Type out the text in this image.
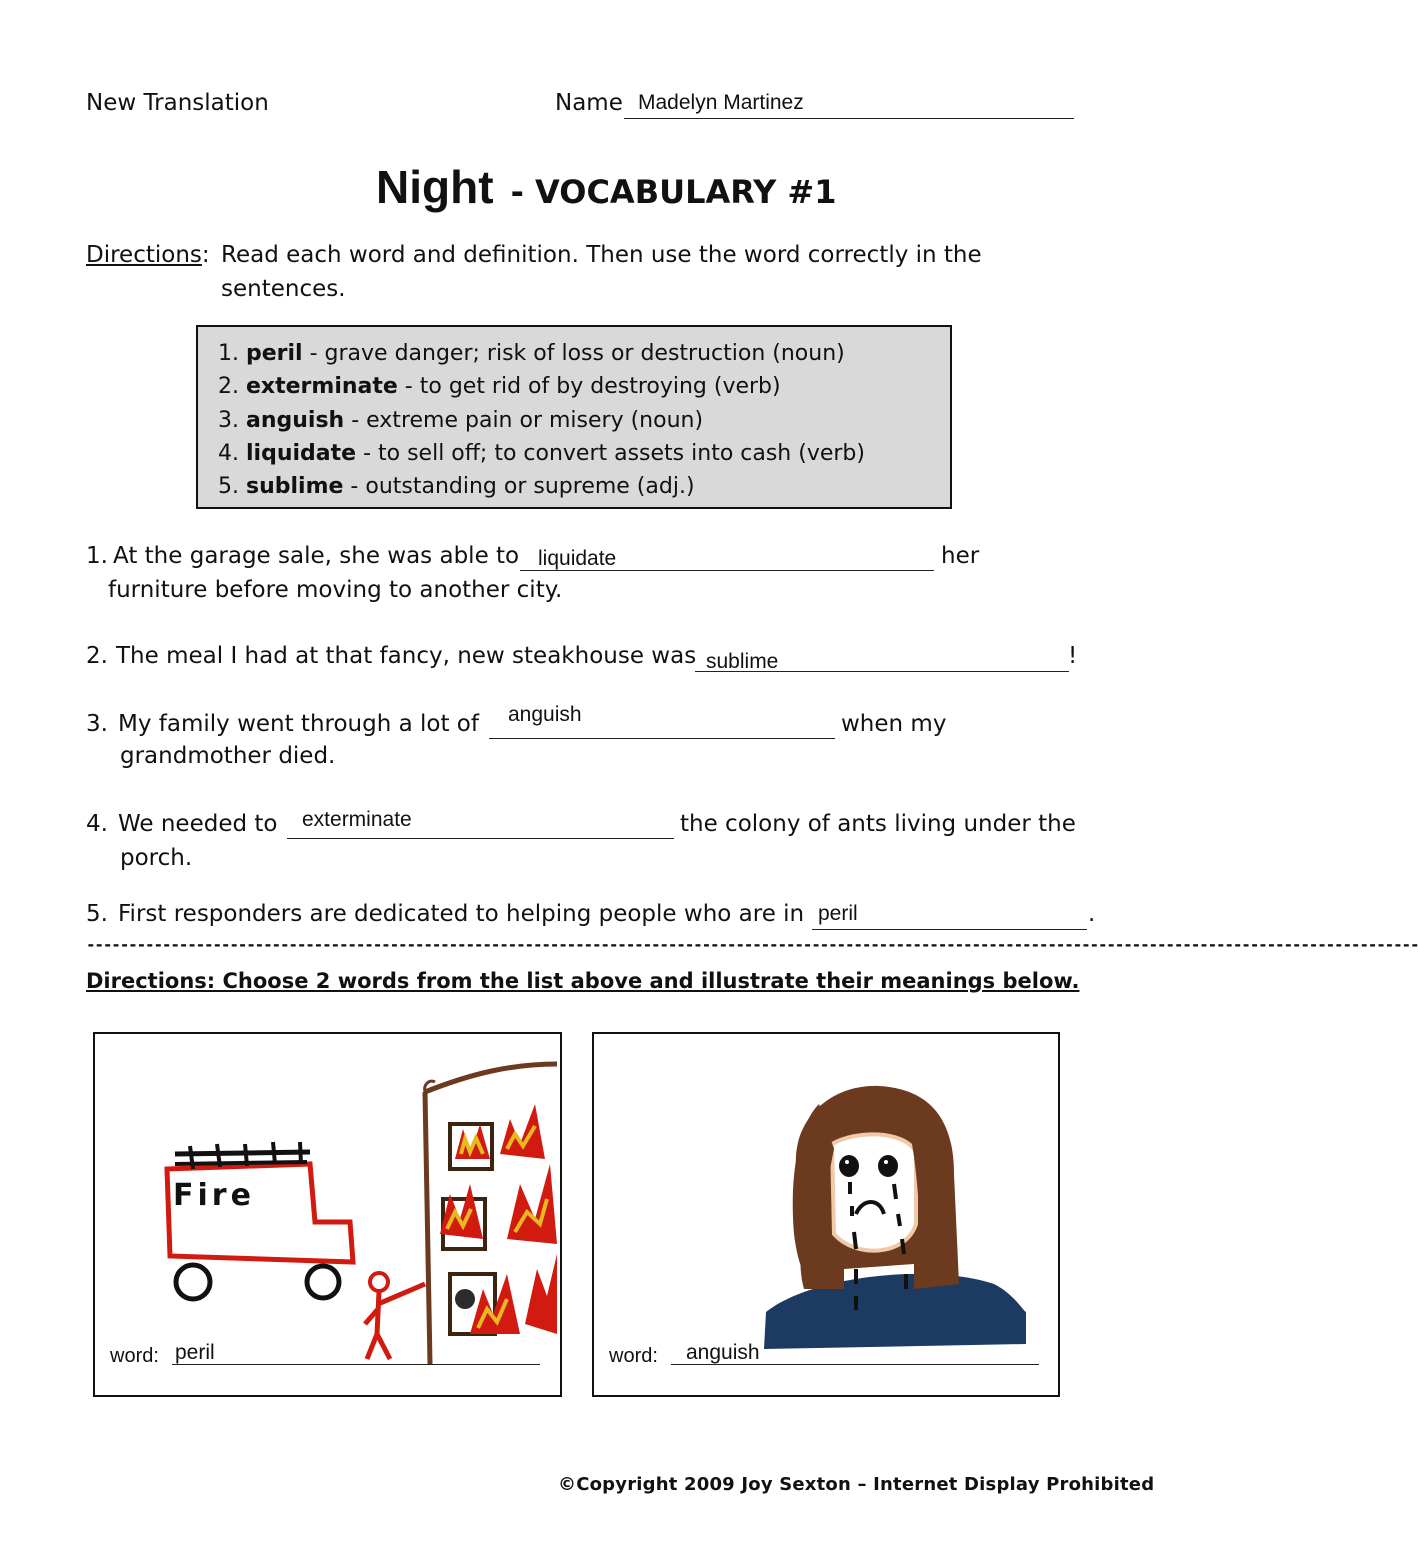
New Translation	Name Madelyn Martinez
Night - VOCABULARY #1
Directions: Read each word and definition. Then use the word correctly in the
sentences.
1. peril - grave danger; risk of loss or destruction (noun)
2. exterminate - to get rid of by destroying (verb)
3. anguish - extreme pain or misery (noun)
4. liquidate - to sell off; to convert assets into cash (verb)
5. sublime - outstanding or supreme (adj.)
1. At the garage sale, she was able to liquidate	her
furniture before moving to another city.
2. The meal I had at that fancy, new steakhouse was sublime	!
3. My family went through a lot of anguish	when my
grandmother died.
4. We needed to exterminate	the colony of ants living under the
porch.
5. First responders are dedicated to helping people who are in peril	.
--------------------------------------------------------------------------------------------------------------------------------------------------------------
Directions: Choose 2 words from the list above and illustrate their meanings below.
Fire
word: peril	word: anguish
©Copyright 2009 Joy Sexton – Internet Display Prohibited
